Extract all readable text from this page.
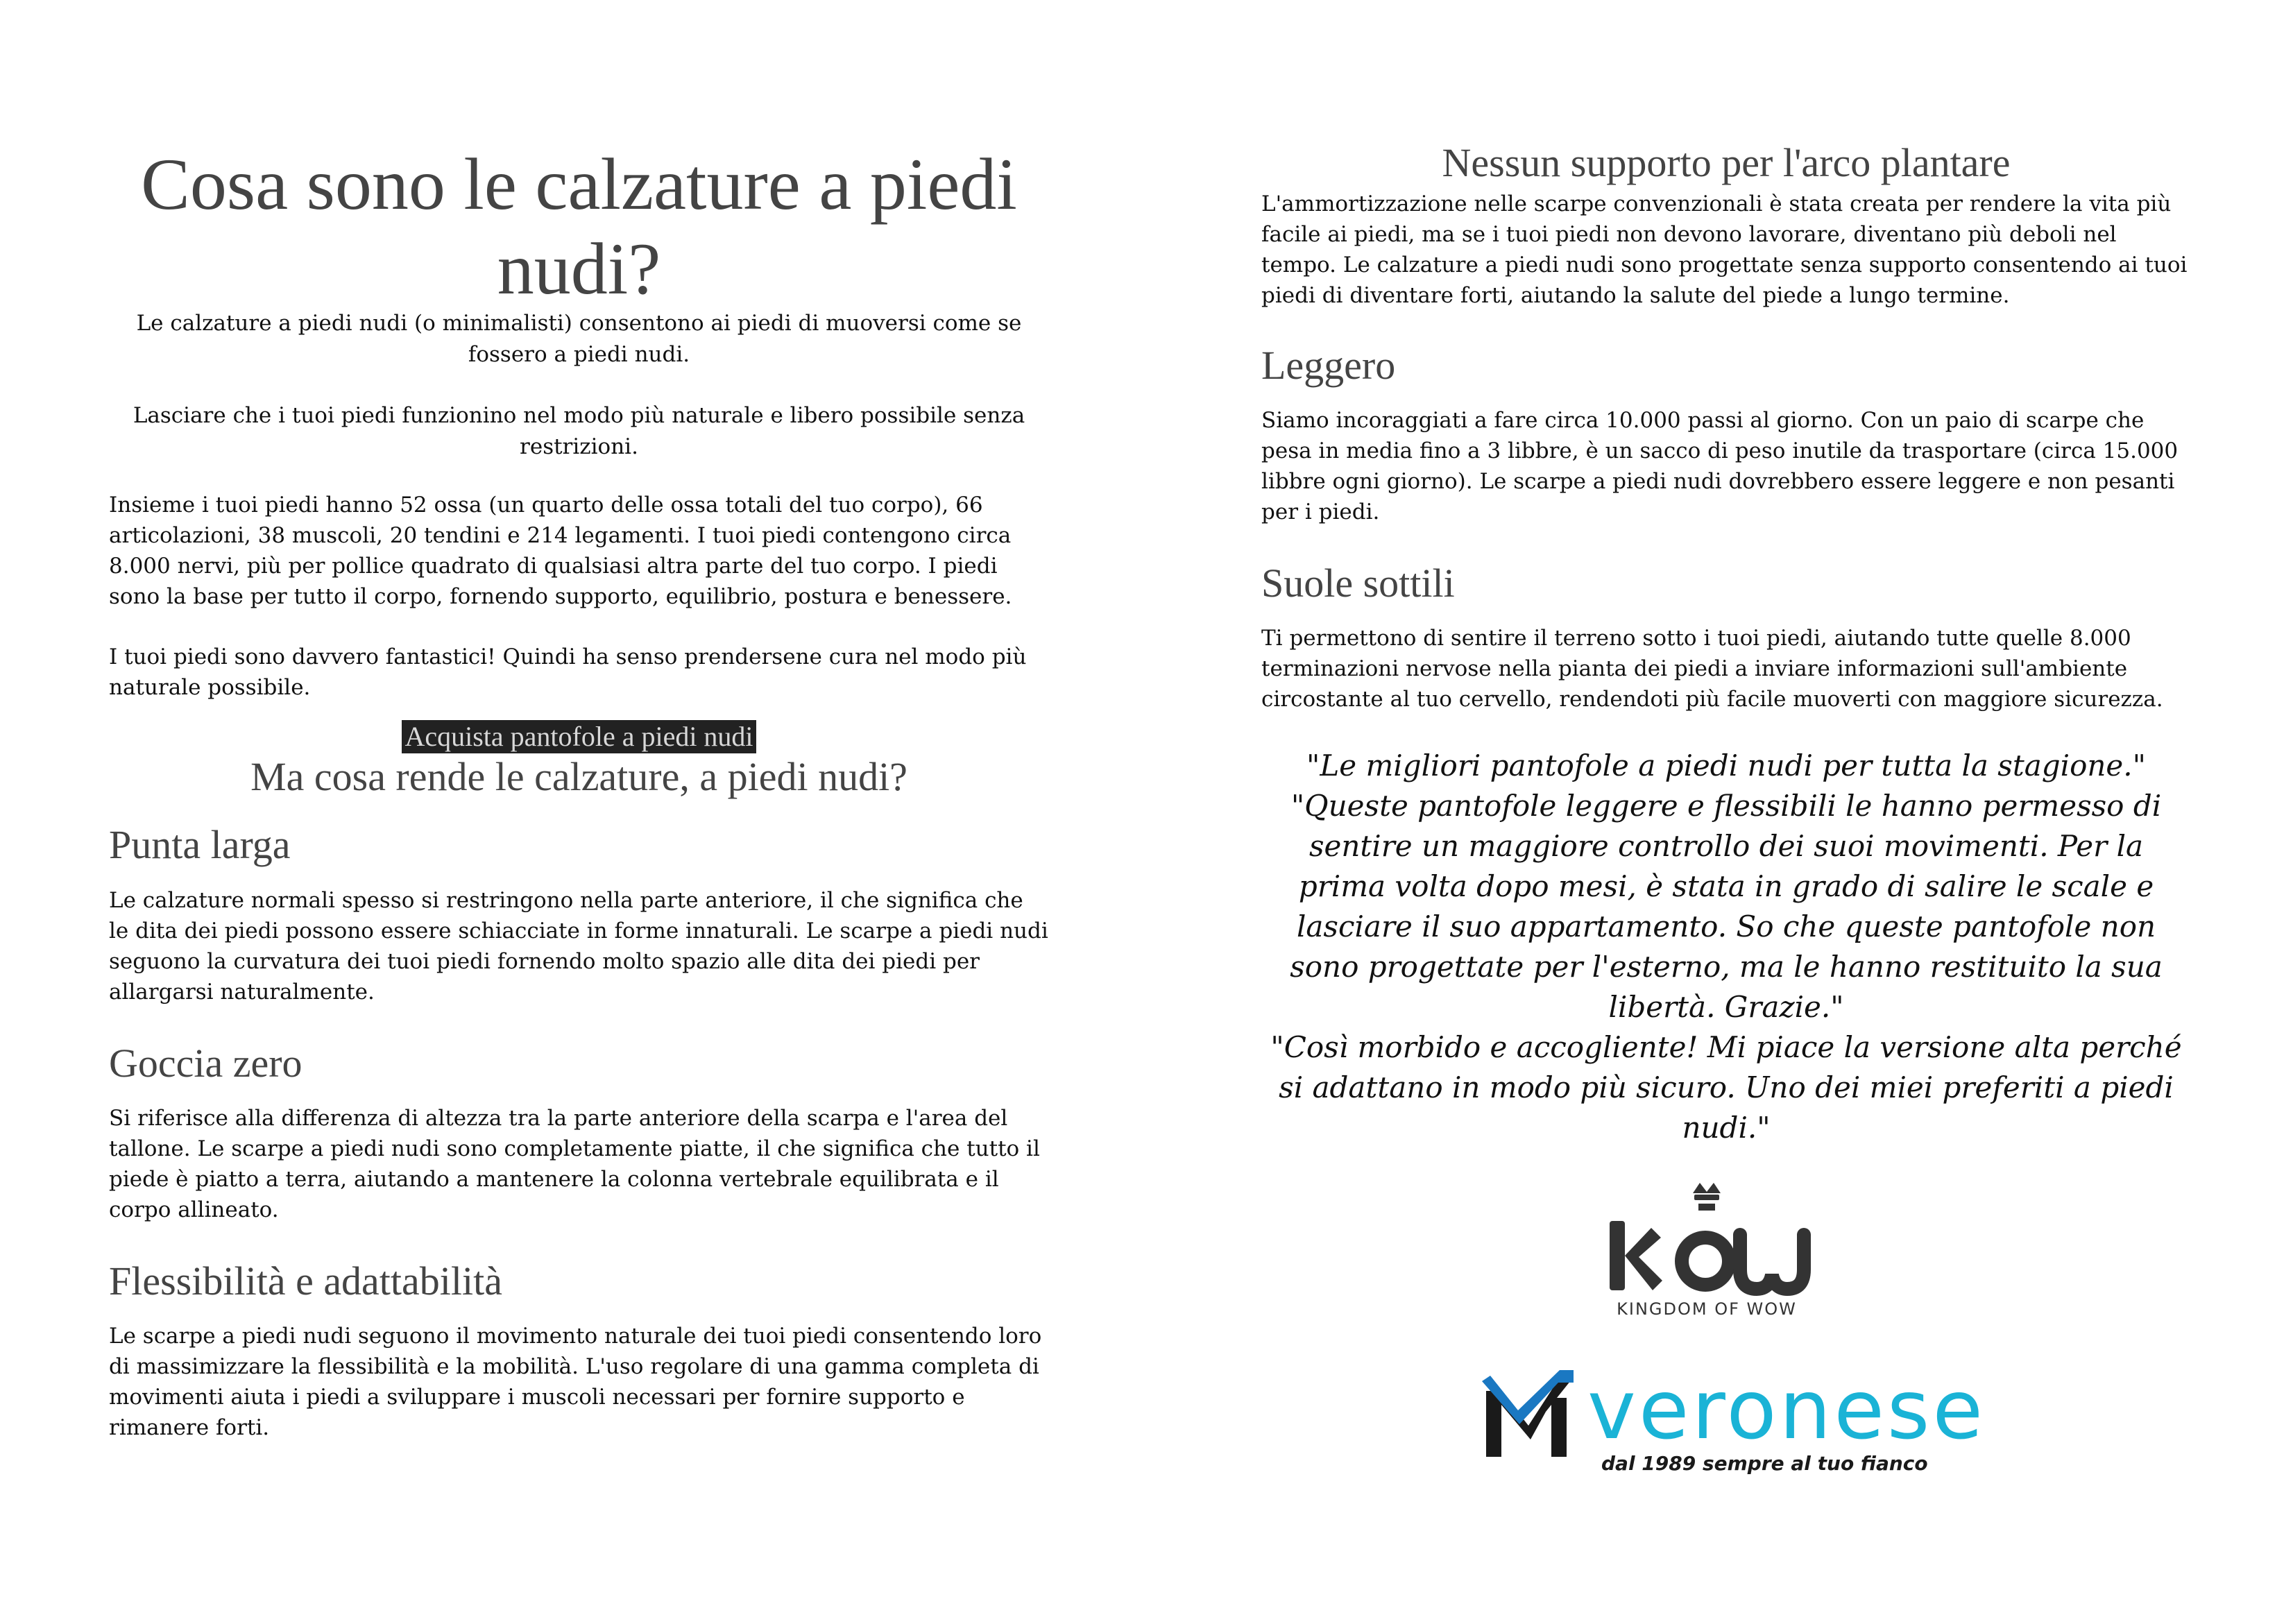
Cosa sono le calzature a piedi nudi?

Le calzature a piedi nudi (o minimalisti) consentono ai piedi di muoversi come se fossero a piedi nudi.

Lasciare che i tuoi piedi funzionino nel modo più naturale e libero possibile senza restrizioni.

Insieme i tuoi piedi hanno 52 ossa (un quarto delle ossa totali del tuo corpo), 66 articolazioni, 38 muscoli, 20 tendini e 214 legamenti. I tuoi piedi contengono circa 8.000 nervi, più per pollice quadrato di qualsiasi altra parte del tuo corpo. I piedi sono la base per tutto il corpo, fornendo supporto, equilibrio, postura e benessere.

I tuoi piedi sono davvero fantastici! Quindi ha senso prendersene cura nel modo più naturale possibile.

Acquista pantofole a piedi nudi
Ma cosa rende le calzature, a piedi nudi?
Punta larga

Le calzature normali spesso si restringono nella parte anteriore, il che significa che le dita dei piedi possono essere schiacciate in forme innaturali. Le scarpe a piedi nudi seguono la curvatura dei tuoi piedi fornendo molto spazio alle dita dei piedi per allargarsi naturalmente.

Goccia zero

Si riferisce alla differenza di altezza tra la parte anteriore della scarpa e l'area del tallone. Le scarpe a piedi nudi sono completamente piatte, il che significa che tutto il piede è piatto a terra, aiutando a mantenere la colonna vertebrale equilibrata e il corpo allineato.

Flessibilità e adattabilità

Le scarpe a piedi nudi seguono il movimento naturale dei tuoi piedi consentendo loro di massimizzare la flessibilità e la mobilità. L'uso regolare di una gamma completa di movimenti aiuta i piedi a sviluppare i muscoli necessari per fornire supporto e rimanere forti.

Nessun supporto per l'arco plantare

L'ammortizzazione nelle scarpe convenzionali è stata creata per rendere la vita più facile ai piedi, ma se i tuoi piedi non devono lavorare, diventano più deboli nel tempo. Le calzature a piedi nudi sono progettate senza supporto consentendo ai tuoi piedi di diventare forti, aiutando la salute del piede a lungo termine.

Leggero

Siamo incoraggiati a fare circa 10.000 passi al giorno. Con un paio di scarpe che pesa in media fino a 3 libbre, è un sacco di peso inutile da trasportare (circa 15.000 libbre ogni giorno). Le scarpe a piedi nudi dovrebbero essere leggere e non pesanti per i piedi.

Suole sottili

Ti permettono di sentire il terreno sotto i tuoi piedi, aiutando tutte quelle 8.000 terminazioni nervose nella pianta dei piedi a inviare informazioni sull'ambiente circostante al tuo cervello, rendendoti più facile muoverti con maggiore sicurezza.

"Le migliori pantofole a piedi nudi per tutta la stagione."
"Queste pantofole leggere e flessibili le hanno permesso di sentire un maggiore controllo dei suoi movimenti. Per la prima volta dopo mesi, è stata in grado di salire le scale e lasciare il suo appartamento. So che queste pantofole non sono progettate per l'esterno, ma le hanno restituito la sua libertà. Grazie."
"Così morbido e accogliente! Mi piace la versione alta perché si adattano in modo più sicuro. Uno dei miei preferiti a piedi nudi."
KINGDOM OF WOW
veronese
dal 1989 sempre al tuo fianco
